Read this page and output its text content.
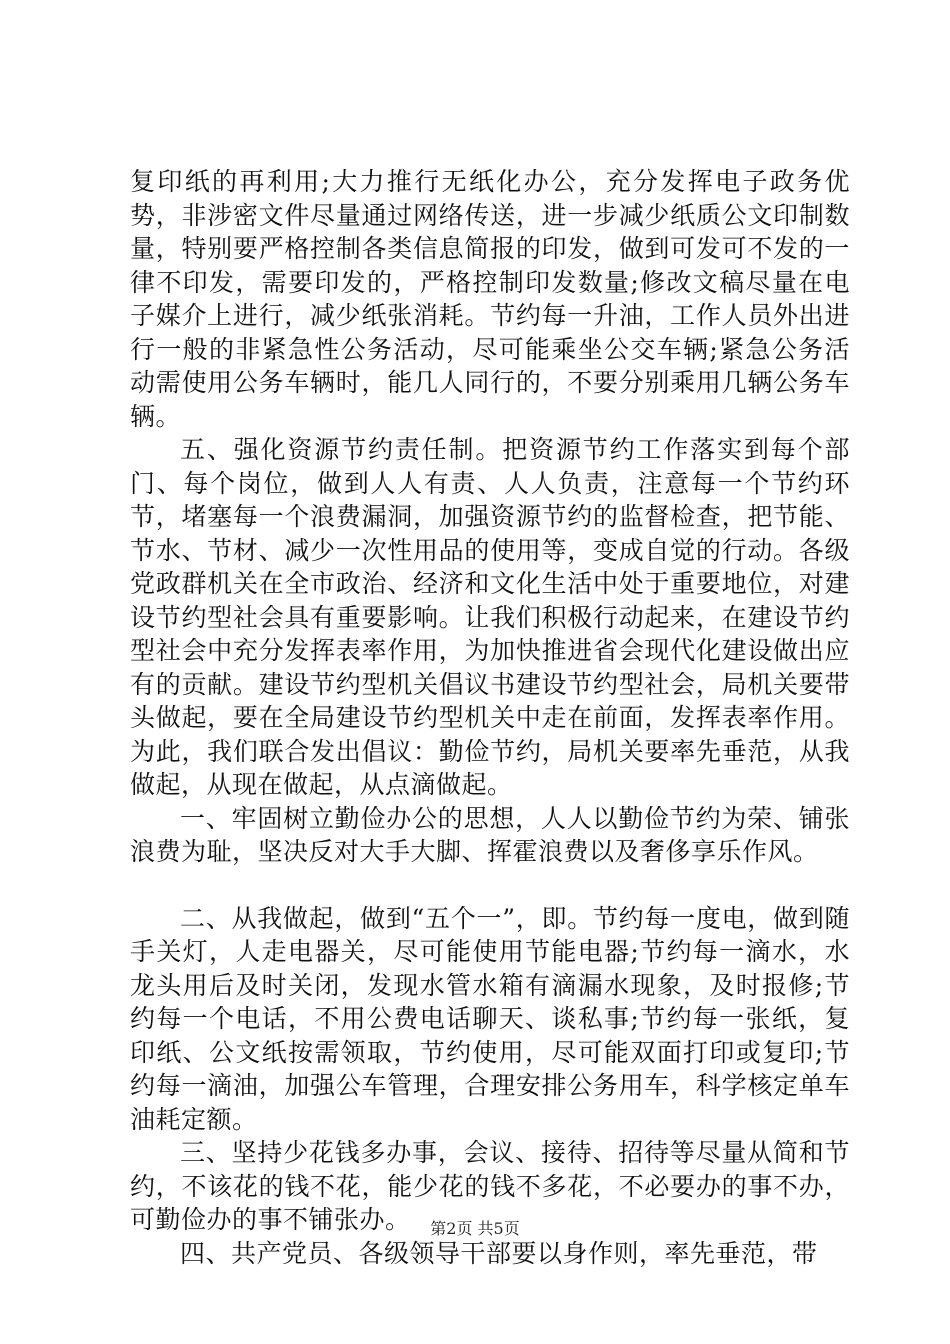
复印纸的再利用;大力推行无纸化办公，充分发挥电子政务优势，非涉密文件尽量通过网络传送，进一步减少纸质公文印制数量，特别要严格控制各类信息简报的印发，做到可发可不发的一律不印发，需要印发的，严格控制印发数量;修改文稿尽量在电子媒介上进行，减少纸张消耗。节约每一升油，工作人员外出进行一般的非紧急性公务活动，尽可能乘坐公交车辆;紧急公务活动需使用公务车辆时，能几人同行的，不要分别乘用几辆公务车辆。

五、强化资源节约责任制。把资源节约工作落实到每个部门、每个岗位，做到人人有责、人人负责，注意每一个节约环节，堵塞每一个浪费漏洞，加强资源节约的监督检查，把节能、节水、节材、减少一次性用品的使用等，变成自觉的行动。各级党政群机关在全市政治、经济和文化生活中处于重要地位，对建设节约型社会具有重要影响。让我们积极行动起来，在建设节约型社会中充分发挥表率作用，为加快推进省会现代化建设做出应有的贡献。建设节约型机关倡议书建设节约型社会，局机关要带头做起，要在全局建设节约型机关中走在前面，发挥表率作用。为此，我们联合发出倡议：勤俭节约，局机关要率先垂范，从我做起，从现在做起，从点滴做起。

一、牢固树立勤俭办公的思想，人人以勤俭节约为荣、铺张浪费为耻，坚决反对大手大脚、挥霍浪费以及奢侈享乐作风。

二、从我做起，做到“五个一”，即。节约每一度电，做到随手关灯，人走电器关，尽可能使用节能电器;节约每一滴水，水龙头用后及时关闭，发现水管水箱有滴漏水现象，及时报修;节约每一个电话，不用公费电话聊天、谈私事;节约每一张纸，复印纸、公文纸按需领取，节约使用，尽可能双面打印或复印;节约每一滴油，加强公车管理，合理安排公务用车，科学核定单车油耗定额。

三、坚持少花钱多办事，会议、接待、招待等尽量从简和节约，不该花的钱不花，能少花的钱不多花，不必要办的事不办，可勤俭办的事不铺张办。

四、共产党员、各级领导干部要以身作则，率先垂范，带

第2页 共5页
